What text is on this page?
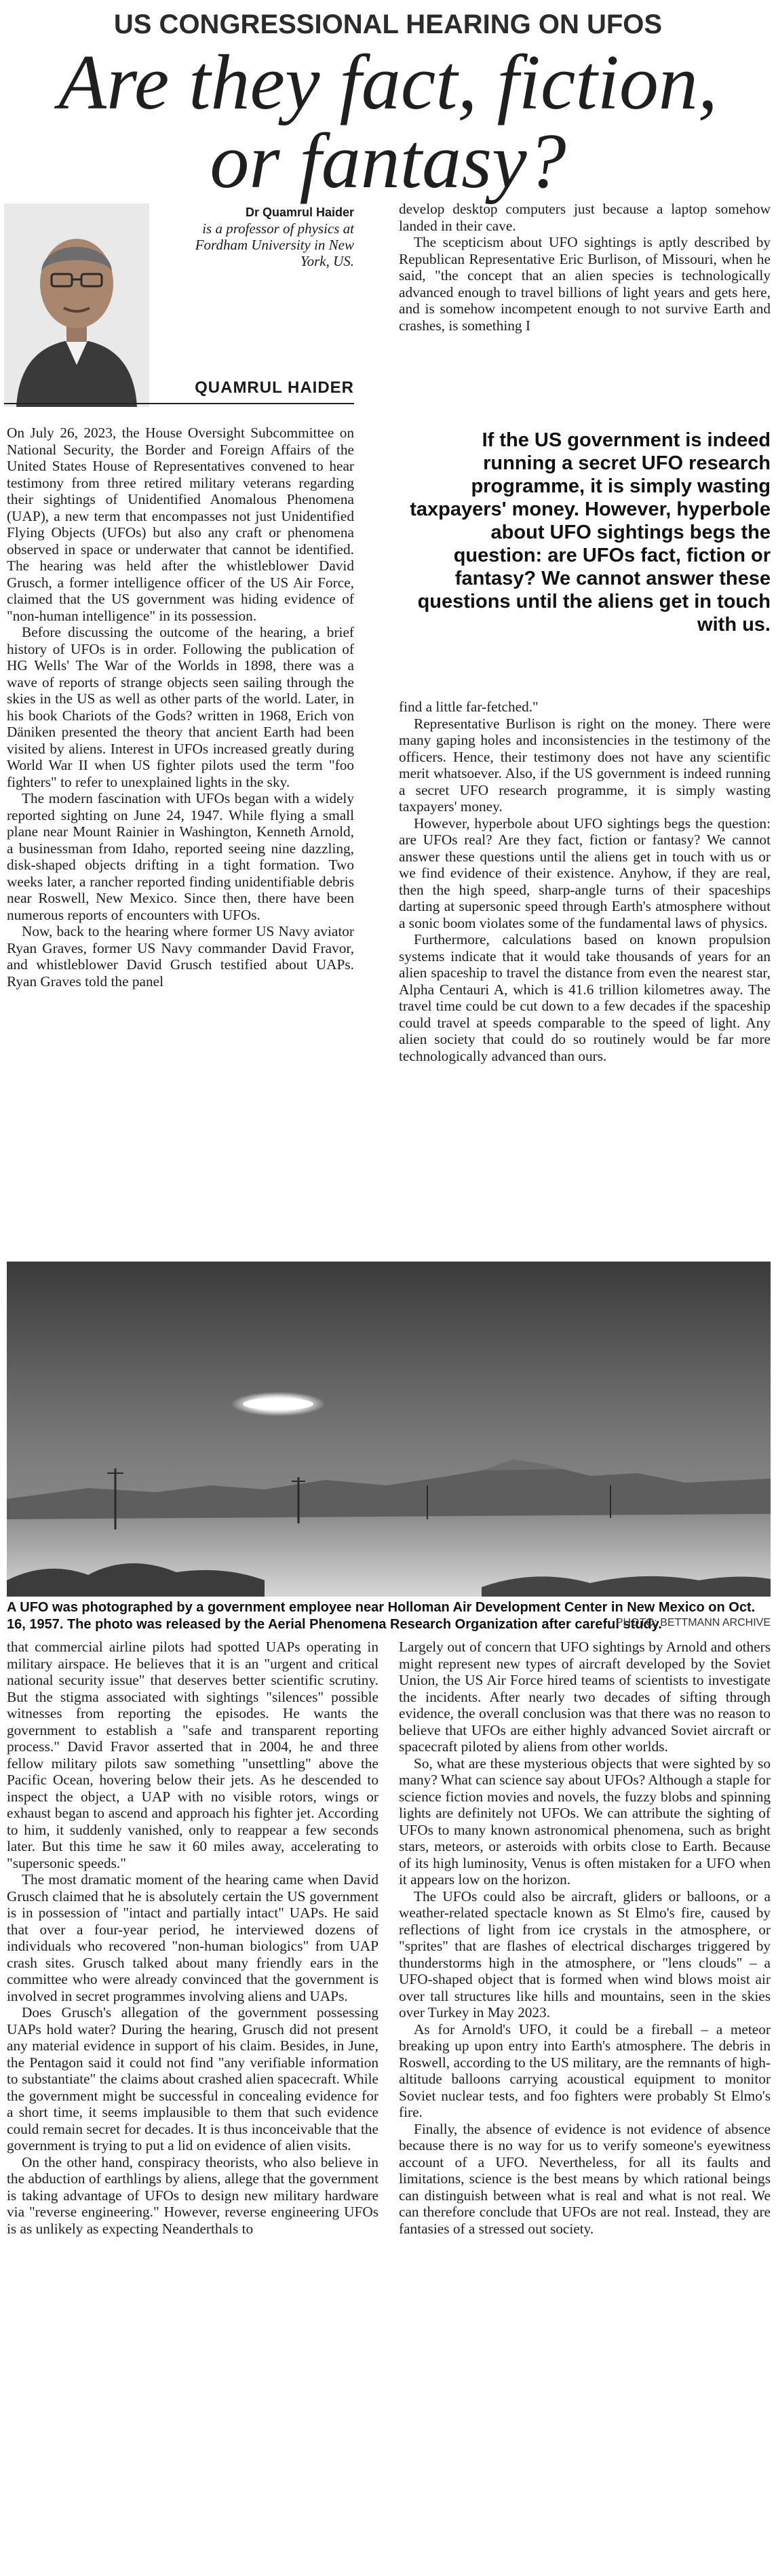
US CONGRESSIONAL HEARING ON UFOS
Are they fact, fiction,
or fantasy?
Dr Quamrul Haider
is a professor of physics at Fordham University in New York, US.
QUAMRUL HAIDER

On July 26, 2023, the House Oversight Subcommittee on National Security, the Border and Foreign Affairs of the United States House of Representatives convened to hear testimony from three retired military veterans regarding their sightings of Unidentified Anomalous Phenomena (UAP), a new term that encompasses not just Unidentified Flying Objects (UFOs) but also any craft or phenomena observed in space or underwater that cannot be identified. The hearing was held after the whistleblower David Grusch, a former intelligence officer of the US Air Force, claimed that the US government was hiding evidence of "non-human intelligence" in its possession.

Before discussing the outcome of the hearing, a brief history of UFOs is in order. Following the publication of HG Wells' The War of the Worlds in 1898, there was a wave of reports of strange objects seen sailing through the skies in the US as well as other parts of the world. Later, in his book Chariots of the Gods? written in 1968, Erich von Däniken presented the theory that ancient Earth had been visited by aliens. Interest in UFOs increased greatly during World War II when US fighter pilots used the term "foo fighters" to refer to unexplained lights in the sky.

The modern fascination with UFOs began with a widely reported sighting on June 24, 1947. While flying a small plane near Mount Rainier in Washington, Kenneth Arnold, a businessman from Idaho, reported seeing nine dazzling, disk-shaped objects drifting in a tight formation. Two weeks later, a rancher reported finding unidentifiable debris near Roswell, New Mexico. Since then, there have been numerous reports of encounters with UFOs.

Now, back to the hearing where former US Navy aviator Ryan Graves, former US Navy commander David Fravor, and whistleblower David Grusch testified about UAPs. Ryan Graves told the panel

develop desktop computers just because a laptop somehow landed in their cave.

The scepticism about UFO sightings is aptly described by Republican Representative Eric Burlison, of Missouri, when he said, "the concept that an alien species is technologically advanced enough to travel billions of light years and gets here, and is somehow incompetent enough to not survive Earth and crashes, is something I

If the US government is indeed running a secret UFO research programme, it is simply wasting taxpayers' money. However, hyperbole about UFO sightings begs the question: are UFOs fact, fiction or fantasy? We cannot answer these questions until the aliens get in touch with us.

find a little far-fetched."

Representative Burlison is right on the money. There were many gaping holes and inconsistencies in the testimony of the officers. Hence, their testimony does not have any scientific merit whatsoever. Also, if the US government is indeed running a secret UFO research programme, it is simply wasting taxpayers' money.

However, hyperbole about UFO sightings begs the question: are UFOs real? Are they fact, fiction or fantasy? We cannot answer these questions until the aliens get in touch with us or we find evidence of their existence. Anyhow, if they are real, then the high speed, sharp-angle turns of their spaceships darting at supersonic speed through Earth's atmosphere without a sonic boom violates some of the fundamental laws of physics.

Furthermore, calculations based on known propulsion systems indicate that it would take thousands of years for an alien spaceship to travel the distance from even the nearest star, Alpha Centauri A, which is 41.6 trillion kilometres away. The travel time could be cut down to a few decades if the spaceship could travel at speeds comparable to the speed of light. Any alien society that could do so routinely would be far more technologically advanced than ours.

A UFO was photographed by a government employee near Holloman Air Development Center in New Mexico on Oct. 16, 1957. The photo was released by the Aerial Phenomena Research Organization after careful study.
PHOTO: BETTMANN ARCHIVE

that commercial airline pilots had spotted UAPs operating in military airspace. He believes that it is an "urgent and critical national security issue" that deserves better scientific scrutiny. But the stigma associated with sightings "silences" possible witnesses from reporting the episodes. He wants the government to establish a "safe and transparent reporting process." David Fravor asserted that in 2004, he and three fellow military pilots saw something "unsettling" above the Pacific Ocean, hovering below their jets. As he descended to inspect the object, a UAP with no visible rotors, wings or exhaust began to ascend and approach his fighter jet. According to him, it suddenly vanished, only to reappear a few seconds later. But this time he saw it 60 miles away, accelerating to "supersonic speeds."

The most dramatic moment of the hearing came when David Grusch claimed that he is absolutely certain the US government is in possession of "intact and partially intact" UAPs. He said that over a four-year period, he interviewed dozens of individuals who recovered "non-human biologics" from UAP crash sites. Grusch talked about many friendly ears in the committee who were already convinced that the government is involved in secret programmes involving aliens and UAPs.

Does Grusch's allegation of the government possessing UAPs hold water? During the hearing, Grusch did not present any material evidence in support of his claim. Besides, in June, the Pentagon said it could not find "any verifiable information to substantiate" the claims about crashed alien spacecraft. While the government might be successful in concealing evidence for a short time, it seems implausible to them that such evidence could remain secret for decades. It is thus inconceivable that the government is trying to put a lid on evidence of alien visits.

On the other hand, conspiracy theorists, who also believe in the abduction of earthlings by aliens, allege that the government is taking advantage of UFOs to design new military hardware via "reverse engineering." However, reverse engineering UFOs is as unlikely as expecting Neanderthals to

Largely out of concern that UFO sightings by Arnold and others might represent new types of aircraft developed by the Soviet Union, the US Air Force hired teams of scientists to investigate the incidents. After nearly two decades of sifting through evidence, the overall conclusion was that there was no reason to believe that UFOs are either highly advanced Soviet aircraft or spacecraft piloted by aliens from other worlds.

So, what are these mysterious objects that were sighted by so many? What can science say about UFOs? Although a staple for science fiction movies and novels, the fuzzy blobs and spinning lights are definitely not UFOs. We can attribute the sighting of UFOs to many known astronomical phenomena, such as bright stars, meteors, or asteroids with orbits close to Earth. Because of its high luminosity, Venus is often mistaken for a UFO when it appears low on the horizon.

The UFOs could also be aircraft, gliders or balloons, or a weather-related spectacle known as St Elmo's fire, caused by reflections of light from ice crystals in the atmosphere, or "sprites" that are flashes of electrical discharges triggered by thunderstorms high in the atmosphere, or "lens clouds" – a UFO-shaped object that is formed when wind blows moist air over tall structures like hills and mountains, seen in the skies over Turkey in May 2023.

As for Arnold's UFO, it could be a fireball – a meteor breaking up upon entry into Earth's atmosphere. The debris in Roswell, according to the US military, are the remnants of high-altitude balloons carrying acoustical equipment to monitor Soviet nuclear tests, and foo fighters were probably St Elmo's fire.

Finally, the absence of evidence is not evidence of absence because there is no way for us to verify someone's eyewitness account of a UFO. Nevertheless, for all its faults and limitations, science is the best means by which rational beings can distinguish between what is real and what is not real. We can therefore conclude that UFOs are not real. Instead, they are fantasies of a stressed out society.
